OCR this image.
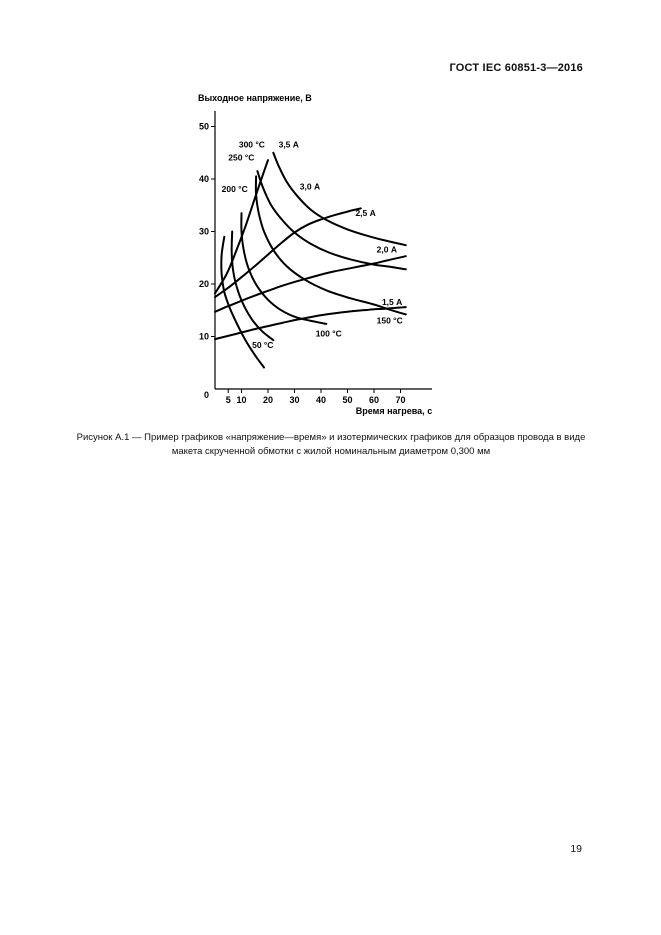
ГОСТ IEC 60851-3—2016
10
20
30
40
50
0	10 20 30 40 50 60 70
5
300 °С 3,5 А
250 °С
3,0 А
200 °С
2,5 А
2,0 А
1,5 А
150 °С
100 °С
50 °С
Выходное напряжение, В
Время нагрева, с
Рисунок А.1 — Пример графиков «напряжение—время» и изотермических графиков для образцов провода в виде
макета скрученной обмотки с жилой номинальным диаметром 0,300 мм
19
